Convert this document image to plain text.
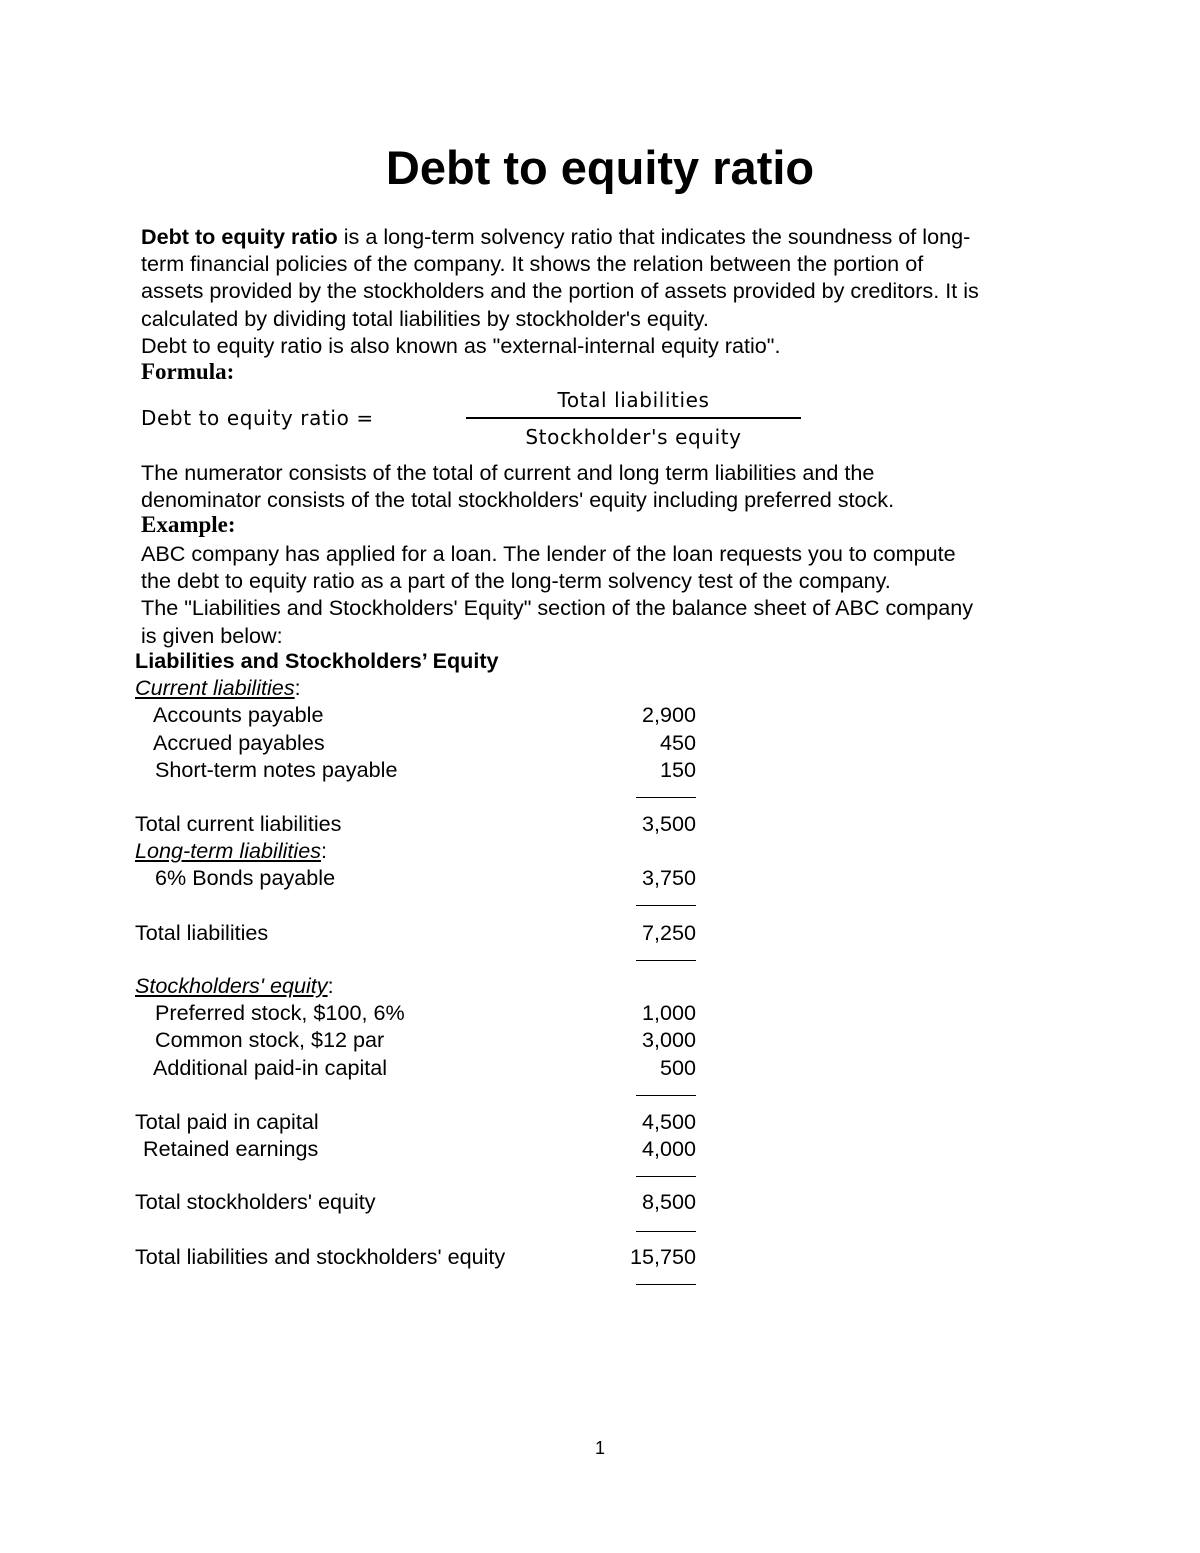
Debt to equity ratio
Debt to equity ratio is a long-term solvency ratio that indicates the soundness of long-
term financial policies of the company. It shows the relation between the portion of
assets provided by the stockholders and the portion of assets provided by creditors. It is
calculated by dividing total liabilities by stockholder's equity.
Debt to equity ratio is also known as "external-internal equity ratio".
Formula:
Debt to equity ratio =
Total liabilities
Stockholder's equity
The numerator consists of the total of current and long term liabilities and the
denominator consists of the total stockholders' equity including preferred stock.
Example:
ABC company has applied for a loan. The lender of the loan requests you to compute
the debt to equity ratio as a part of the long-term solvency test of the company.
The "Liabilities and Stockholders' Equity" section of the balance sheet of ABC company
is given below:
Liabilities and Stockholders’ Equity
Current liabilities:
Accounts payable	2,900
Accrued payables	450
Short-term notes payable	150
Total current liabilities	3,500
Long-term liabilities:
6% Bonds payable	3,750
Total liabilities	7,250
Stockholders' equity:
Preferred stock, $100, 6%	1,000
Common stock, $12 par	3,000
Additional paid-in capital	500
Total paid in capital	4,500
Retained earnings	4,000
Total stockholders' equity	8,500
Total liabilities and stockholders' equity	15,750
1
